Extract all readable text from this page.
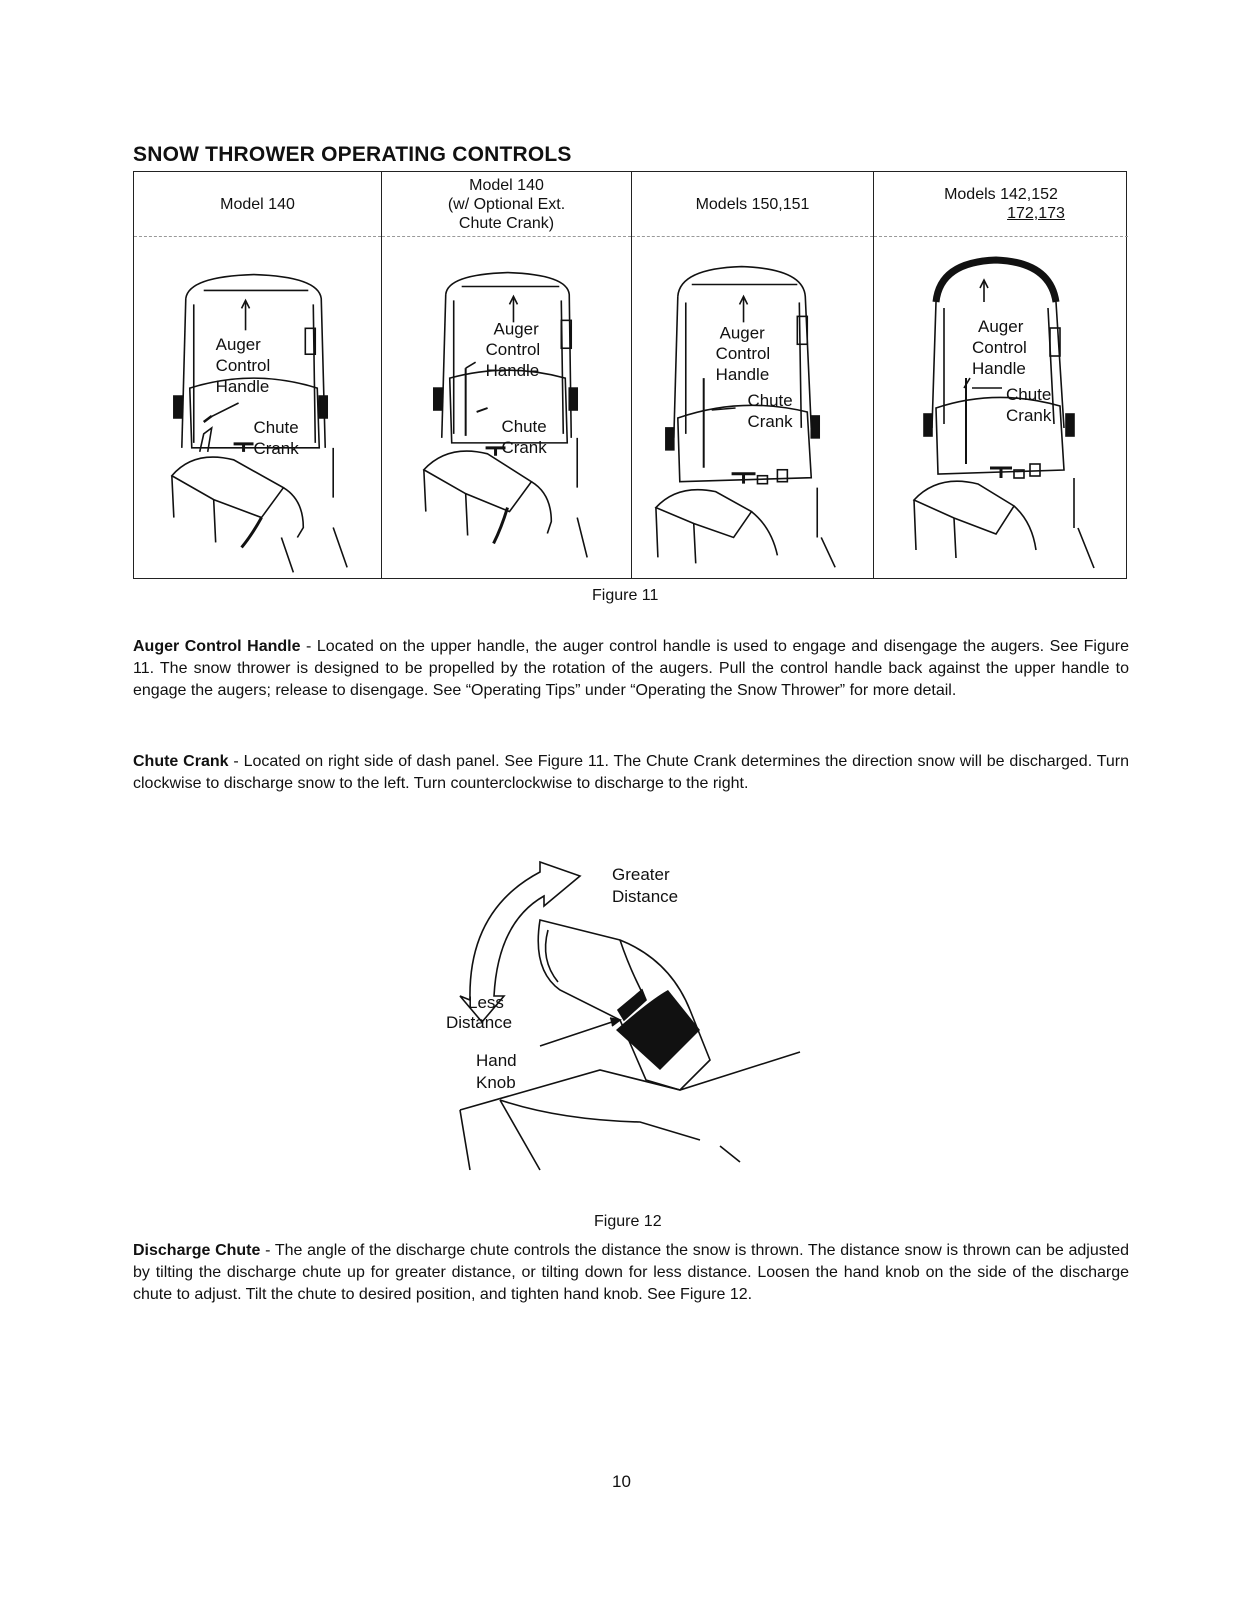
SNOW THROWER OPERATING CONTROLS
Model 140
Auger
Control
Handle
Chute
Crank
Model 140
(w/ Optional Ext.
Chute Crank)
Auger
Control
Handle
Chute
Crank
Models 150,151
Auger
Control
Handle
Chute
Crank
Models 142,152
172,173
Auger
Control
Handle
Chute
Crank
Figure 11
Auger Control Handle - Located on the upper handle, the auger control handle is used to engage and disengage the augers. See Figure 11. The snow thrower is designed to be propelled by the rotation of the augers. Pull the control handle back against the upper handle to engage the augers; release to disengage. See “Operating Tips” under “Operating the Snow Thrower” for more detail.
Chute Crank - Located on right side of dash panel. See Figure 11. The Chute Crank determines the direction snow will be discharged. Turn clockwise to discharge snow to the left. Turn counterclockwise to discharge to the right.
Greater
Distance
Less
Distance
Hand
Knob
Figure 12
Discharge Chute - The angle of the discharge chute controls the distance the snow is thrown. The distance snow is thrown can be adjusted by tilting the discharge chute up for greater distance, or tilting down for less distance. Loosen the hand knob on the side of the discharge chute to adjust. Tilt the chute to desired position, and tighten hand knob. See Figure 12.
10
